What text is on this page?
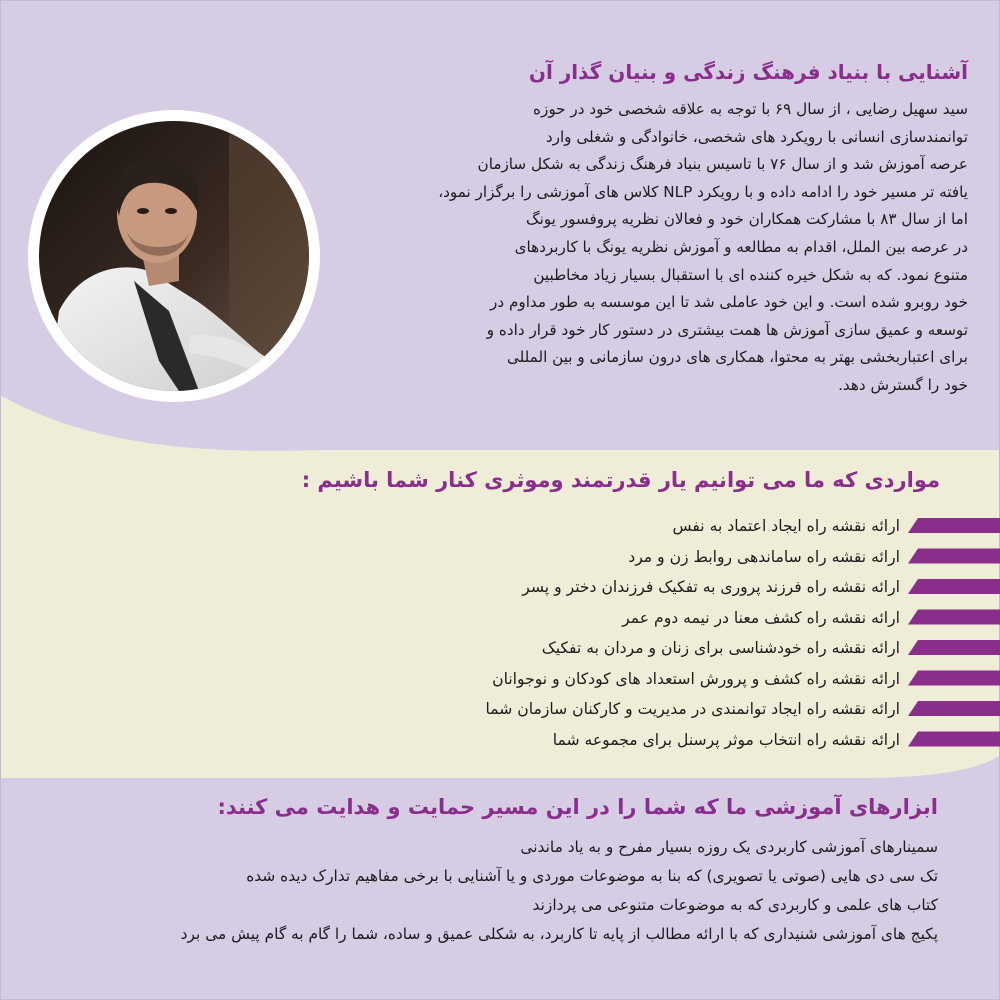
آشنایی با بنیاد فرهنگ زندگی و بنیان گذار آن

سید سهیل رضایی ، از سال ۶۹ با توجه به علاقه شخصی خود در حوزه
توانمندسازی انسانی با رویکرد های شخصی، خانوادگی و شغلی وارد
عرصه آموزش شد و از سال ۷۶ با تاسیس بنیاد فرهنگ زندگی به شکل سازمان
یافته تر مسیر خود را ادامه داده و با رویکرد NLP کلاس های آموزشی را برگزار نمود،
اما از سال ۸۳ با مشارکت همکاران خود و فعالان نظریه پروفسور یونگ
در عرصه بین الملل، اقدام به مطالعه و آموزش نظریه یونگ با کاربردهای
متنوع نمود. که به شکل خیره کننده ای با استقبال بسیار زیاد مخاطبین
خود روبرو شده است. و این خود عاملی شد تا این موسسه به طور مداوم در
توسعه و عمیق سازی آموزش ها همت بیشتری در دستور کار خود قرار داده و
برای اعتباربخشی بهتر به محتوا، همکاری های درون سازمانی و بین المللی
خود را گسترش دهد.

مواردی که ما می توانیم یار قدرتمند وموثری کنار شما باشیم :
ارائه نقشه راه ایجاد اعتماد به نفس
ارائه نقشه راه ساماندهی روابط زن و مرد
ارائه نقشه راه فرزند پروری به تفکیک فرزندان دختر و پسر
ارائه نقشه راه کشف معنا در نیمه دوم عمر
ارائه نقشه راه خودشناسی برای زنان و مردان به تفکیک
ارائه نقشه راه کشف و پرورش استعداد های کودکان و نوجوانان
ارائه نقشه راه ایجاد توانمندی در مدیریت و کارکنان سازمان شما
ارائه نقشه راه انتخاب موثر پرسنل برای مجموعه شما
ابزارهای آموزشی ما که شما را در این مسیر حمایت و هدایت می کنند:
سمینارهای آموزشی کاربردی یک روزه بسیار مفرح و به یاد ماندنی
تک سی دی هایی (صوتی یا تصویری) که بنا به موضوعات موردی و یا آشنایی با برخی مفاهیم تدارک دیده شده
کتاب های علمی و کاربردی که به موضوعات متنوعی می پردازند
پکیج های آموزشی شنیداری که با ارائه مطالب از پایه تا کاربرد، به شکلی عمیق و ساده، شما را گام به گام پیش می برد
